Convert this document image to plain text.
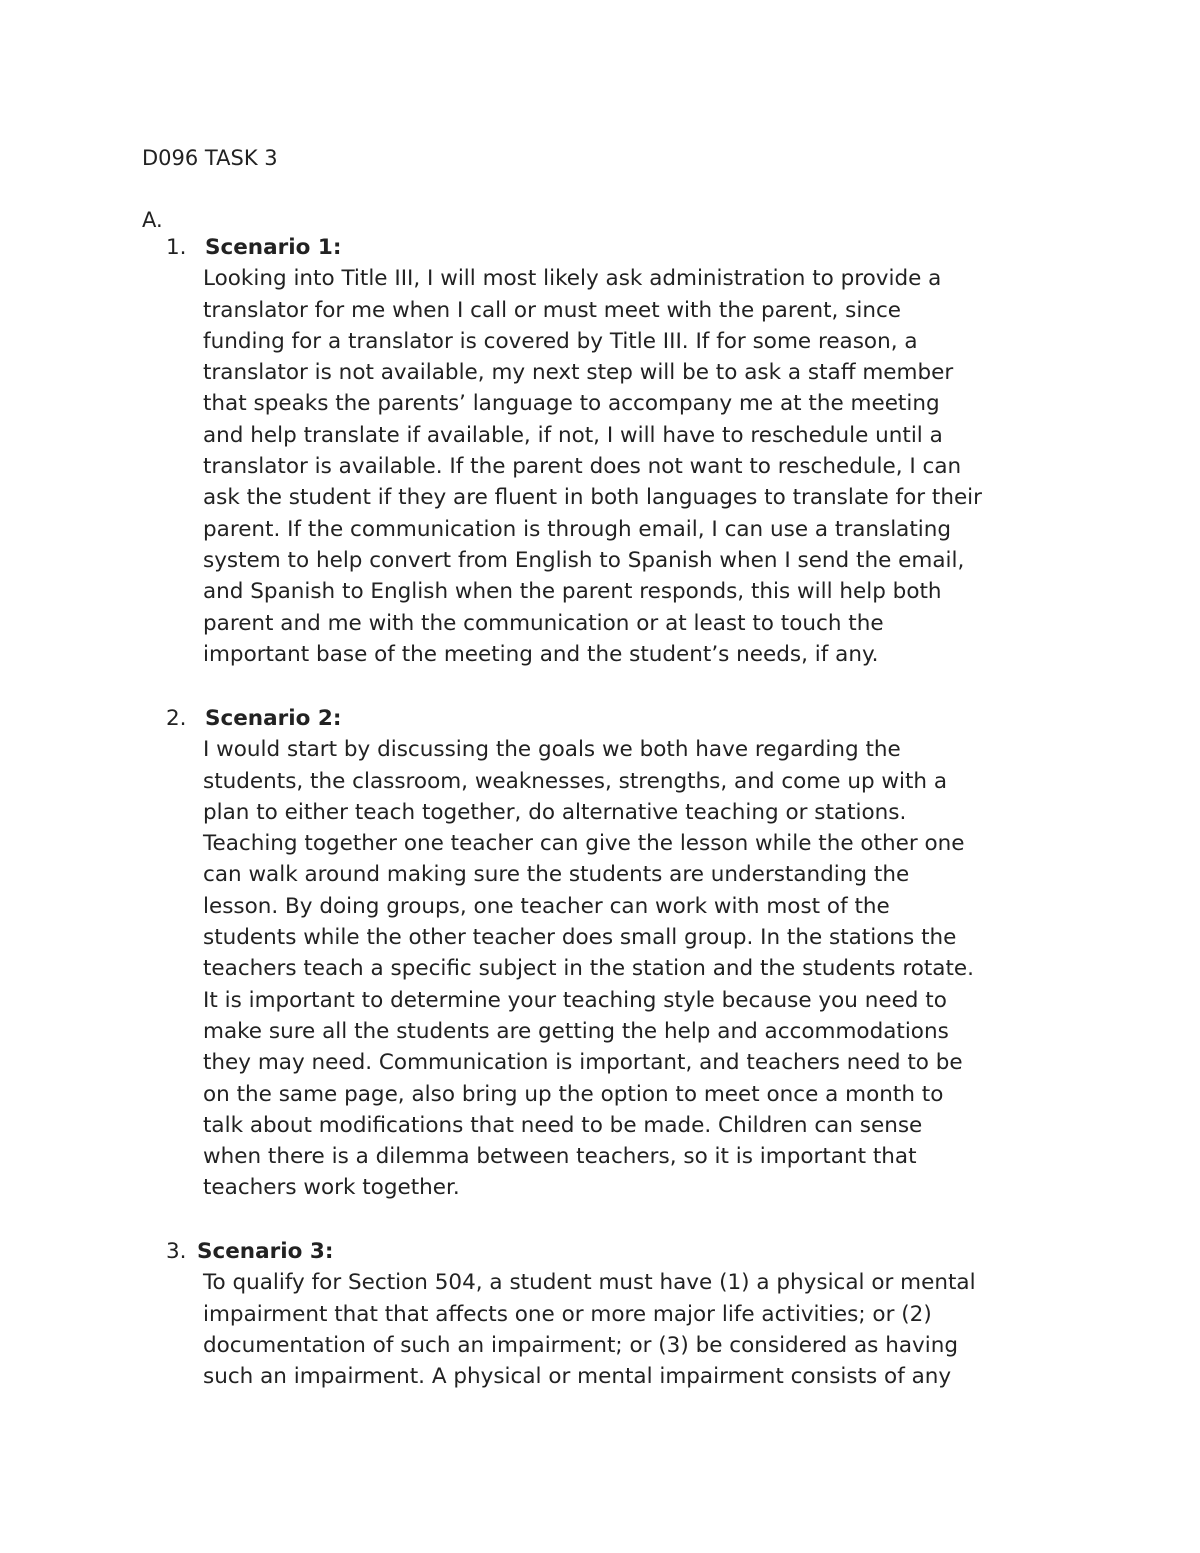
D096 TASK 3
A.
1. Scenario 1:
Looking into Title III, I will most likely ask administration to provide a
translator for me when I call or must meet with the parent, since
funding for a translator is covered by Title III. If for some reason, a
translator is not available, my next step will be to ask a staff member
that speaks the parents’ language to accompany me at the meeting
and help translate if available, if not, I will have to reschedule until a
translator is available. If the parent does not want to reschedule, I can
ask the student if they are fluent in both languages to translate for their
parent. If the communication is through email, I can use a translating
system to help convert from English to Spanish when I send the email,
and Spanish to English when the parent responds, this will help both
parent and me with the communication or at least to touch the
important base of the meeting and the student’s needs, if any.
2. Scenario 2:
I would start by discussing the goals we both have regarding the
students, the classroom, weaknesses, strengths, and come up with a
plan to either teach together, do alternative teaching or stations.
Teaching together one teacher can give the lesson while the other one
can walk around making sure the students are understanding the
lesson. By doing groups, one teacher can work with most of the
students while the other teacher does small group. In the stations the
teachers teach a specific subject in the station and the students rotate.
It is important to determine your teaching style because you need to
make sure all the students are getting the help and accommodations
they may need. Communication is important, and teachers need to be
on the same page, also bring up the option to meet once a month to
talk about modifications that need to be made. Children can sense
when there is a dilemma between teachers, so it is important that
teachers work together.
3. Scenario 3:
To qualify for Section 504, a student must have (1) a physical or mental
impairment that that affects one or more major life activities; or (2)
documentation of such an impairment; or (3) be considered as having
such an impairment. A physical or mental impairment consists of any
